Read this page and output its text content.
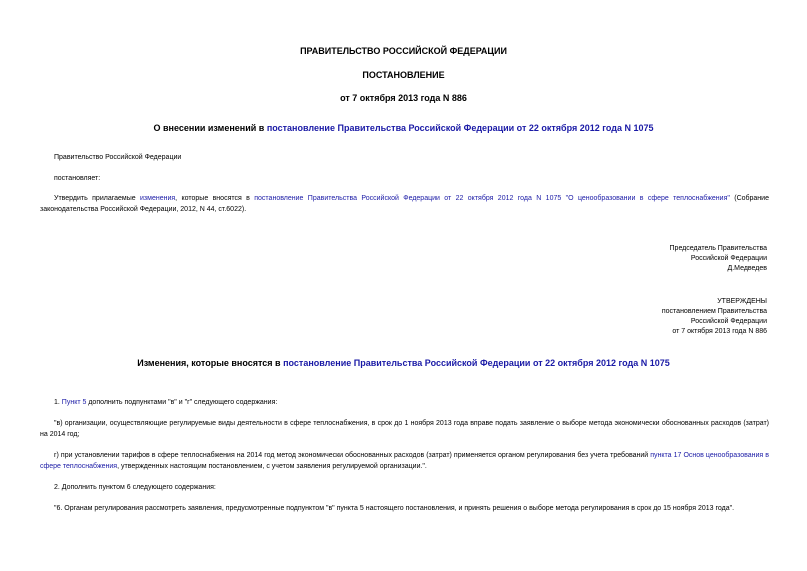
ПРАВИТЕЛЬСТВО РОССИЙСКОЙ ФЕДЕРАЦИИ
ПОСТАНОВЛЕНИЕ
от 7 октября 2013 года N 886
О внесении изменений в постановление Правительства Российской Федерации от 22 октября 2012 года N 1075
Правительство Российской Федерации
постановляет:
Утвердить прилагаемые изменения, которые вносятся в постановление Правительства Российской Федерации от 22 октября 2012 года N 1075 "О ценообразовании в сфере теплоснабжения" (Собрание законодательства Российской Федерации, 2012, N 44, ст.6022).
Председатель Правительства
Российской Федерации
Д.Медведев
УТВЕРЖДЕНЫ
постановлением Правительства
Российской Федерации
от 7 октября 2013 года N 886
Изменения, которые вносятся в постановление Правительства Российской Федерации от 22 октября 2012 года N 1075
1. Пункт 5 дополнить подпунктами "в" и "г" следующего содержания:
"в) организации, осуществляющие регулируемые виды деятельности в сфере теплоснабжения, в срок до 1 ноября 2013 года вправе подать заявление о выборе метода экономически обоснованных расходов (затрат) на 2014 год;
г) при установлении тарифов в сфере теплоснабжения на 2014 год метод экономически обоснованных расходов (затрат) применяется органом регулирования без учета требований пункта 17 Основ ценообразования в сфере теплоснабжения, утвержденных настоящим постановлением, с учетом заявления регулируемой организации.".
2. Дополнить пунктом 6 следующего содержания:
"6. Органам регулирования рассмотреть заявления, предусмотренные подпунктом "в" пункта 5 настоящего постановления, и принять решения о выборе метода регулирования в срок до 15 ноября 2013 года".
